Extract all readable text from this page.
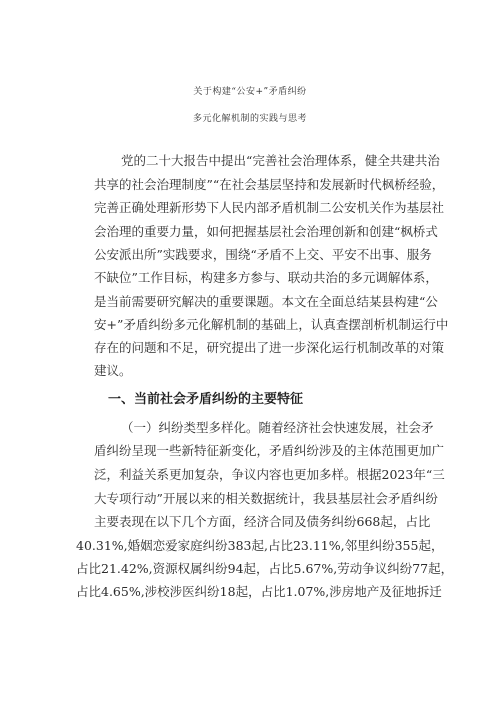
关于构建“公安+”矛盾纠纷
多元化解机制的实践与思考
党的二十大报告中提出“完善社会治理体系，健全共建共治
共享的社会治理制度”“在社会基层坚持和发展新时代枫桥经验，
完善正确处理新形势下人民内部矛盾机制二公安机关作为基层社
会治理的重要力量，如何把握基层社会治理创新和创建“枫桥式
公安派出所”实践要求，围绕“矛盾不上交、平安不出事、服务
不缺位”工作目标，构建多方参与、联动共治的多元调解体系，
是当前需要研究解决的重要课题。本文在全面总结某县构建“公
安+”矛盾纠纷多元化解机制的基础上，认真查摆剖析机制运行中
存在的问题和不足，研究提出了进一步深化运行机制改革的对策
建议。
一、当前社会矛盾纠纷的主要特征
（一）纠纷类型多样化。随着经济社会快速发展，社会矛
盾纠纷呈现一些新特征新变化，矛盾纠纷涉及的主体范围更加广
泛，利益关系更加复杂，争议内容也更加多样。根据2023年“三
大专项行动”开展以来的相关数据统计，我县基层社会矛盾纠纷
主要表现在以下几个方面，经济合同及债务纠纷668起，占比
40.31%,婚姻恋爱家庭纠纷383起,占比23.11%,邻里纠纷355起，
占比21.42%,资源权属纠纷94起，占比5.67%,劳动争议纠纷77起，
占比4.65%,涉校涉医纠纷18起，占比1.07%,涉房地产及征地拆迁
